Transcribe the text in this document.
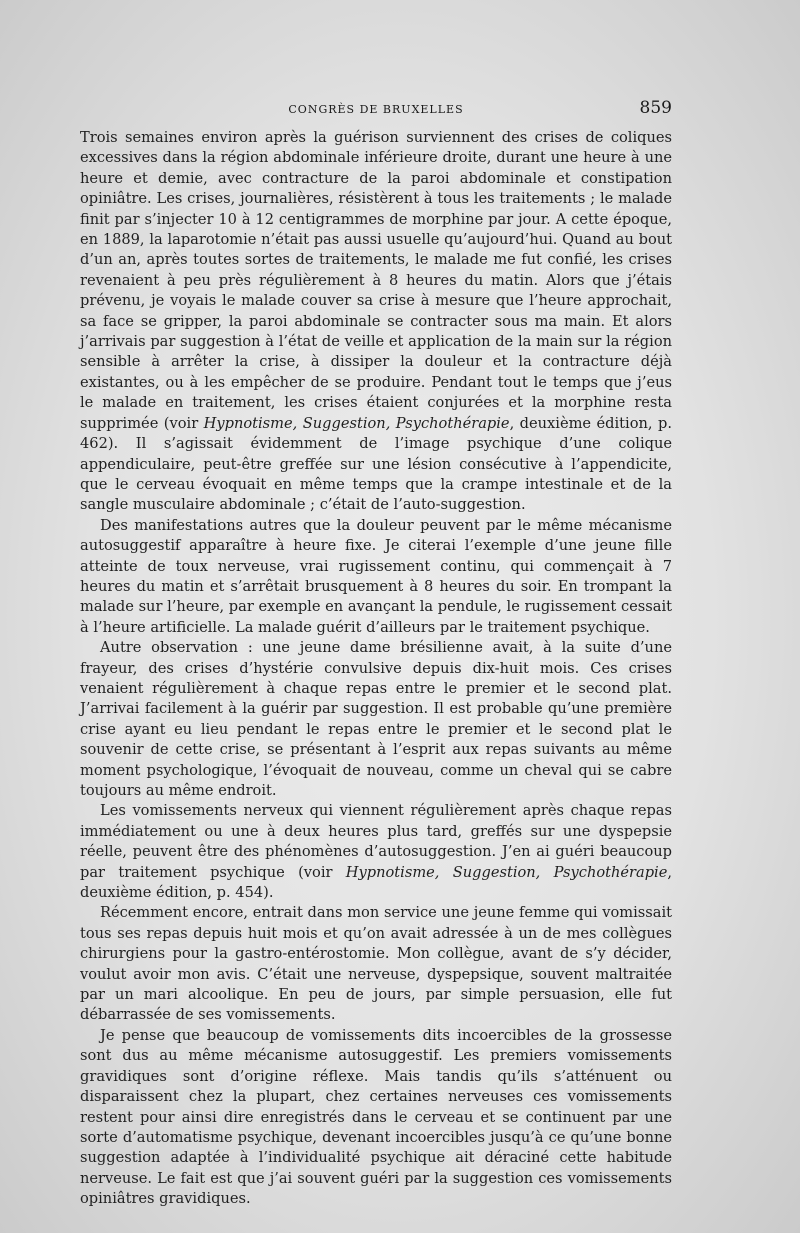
CONGRÈS DE BRUXELLES	859

Trois semaines environ après la guérison surviennent des crises de coliques excessives dans la région abdominale inférieure droite, durant une heure à une heure et demie, avec contracture de la paroi abdominale et constipation opiniâtre. Les crises, journalières, résistèrent à tous les traitements ; le malade finit par s’injecter 10 à 12 centigrammes de morphine par jour. A cette époque, en 1889, la laparotomie n’était pas aussi usuelle qu’aujourd’hui. Quand au bout d’un an, après toutes sortes de traitements, le malade me fut confié, les crises revenaient à peu près régulièrement à 8 heures du matin. Alors que j’étais prévenu, je voyais le malade couver sa crise à mesure que l’heure approchait, sa face se gripper, la paroi abdominale se contracter sous ma main. Et alors j’arrivais par suggestion à l’état de veille et application de la main sur la région sensible à arrêter la crise, à dissiper la douleur et la contracture déjà existantes, ou à les empêcher de se produire. Pendant tout le temps que j’eus le malade en traitement, les crises étaient conjurées et la morphine resta supprimée (voir Hypnotisme, Suggestion, Psychothérapie, deuxième édition, p. 462). Il s’agissait évidemment de l’image psychique d’une colique appendiculaire, peut-être greffée sur une lésion consécutive à l’appendicite, que le cerveau évoquait en même temps que la crampe intestinale et de la sangle musculaire abdominale ; c’était de l’auto-suggestion.

Des manifestations autres que la douleur peuvent par le même mécanisme autosuggestif apparaître à heure fixe. Je citerai l’exemple d’une jeune fille atteinte de toux nerveuse, vrai rugissement continu, qui commençait à 7 heures du matin et s’arrêtait brusquement à 8 heures du soir. En trompant la malade sur l’heure, par exemple en avançant la pendule, le rugissement cessait à l’heure artificielle. La malade guérit d’ailleurs par le traitement psychique.

Autre observation : une jeune dame brésilienne avait, à la suite d’une frayeur, des crises d’hystérie convulsive depuis dix-huit mois. Ces crises venaient régulièrement à chaque repas entre le premier et le second plat. J’arrivai facilement à la guérir par suggestion. Il est probable qu’une première crise ayant eu lieu pendant le repas entre le premier et le second plat le souvenir de cette crise, se présentant à l’esprit aux repas suivants au même moment psychologique, l’évoquait de nouveau, comme un cheval qui se cabre toujours au même endroit.

Les vomissements nerveux qui viennent régulièrement après chaque repas immédiatement ou une à deux heures plus tard, greffés sur une dyspepsie réelle, peuvent être des phénomènes d’autosuggestion. J’en ai guéri beaucoup par traitement psychique (voir Hypnotisme, Suggestion, Psychothérapie, deuxième édition, p. 454).

Récemment encore, entrait dans mon service une jeune femme qui vomissait tous ses repas depuis huit mois et qu’on avait adressée à un de mes collègues chirurgiens pour la gastro-entérostomie. Mon collègue, avant de s’y décider, voulut avoir mon avis. C’était une nerveuse, dyspepsique, souvent maltraitée par un mari alcoolique. En peu de jours, par simple persuasion, elle fut débarrassée de ses vomissements.

Je pense que beaucoup de vomissements dits incoercibles de la grossesse sont dus au même mécanisme autosuggestif. Les premiers vomissements gravidiques sont d’origine réflexe. Mais tandis qu’ils s’atténuent ou disparaissent chez la plupart, chez certaines nerveuses ces vomissements restent pour ainsi dire enregistrés dans le cerveau et se continuent par une sorte d’automatisme psychique, devenant incoercibles jusqu’à ce qu’une bonne suggestion adaptée à l’individualité psychique ait déraciné cette habitude nerveuse. Le fait est que j’ai souvent guéri par la suggestion ces vomissements opiniâtres gravidiques.
